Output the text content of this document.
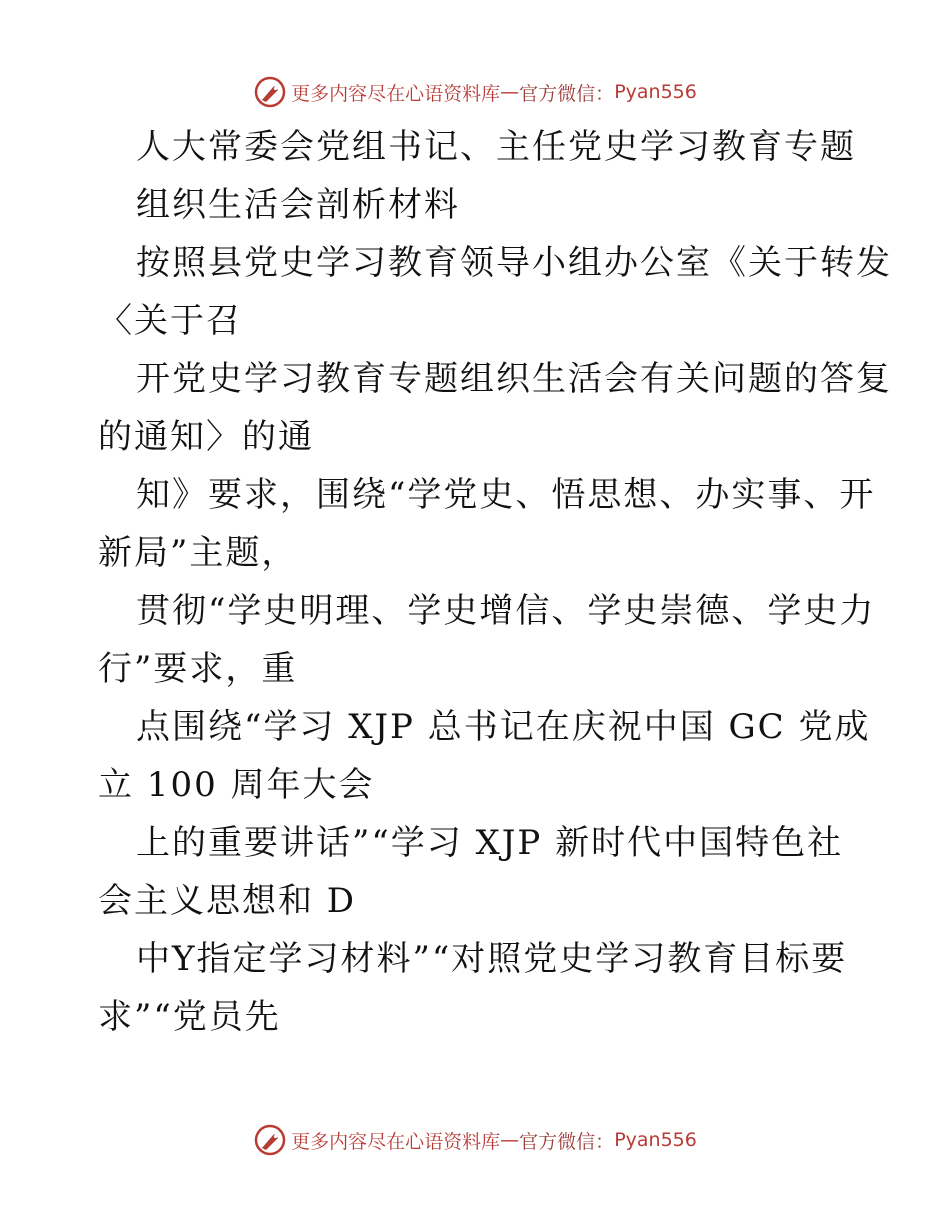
更多内容尽在心语资料库 — 官方微信： Pyan556
人大常委会党组书记、主任党史学习教育专题
组织生活会剖析材料
按照县党史学习教育领导小组办公室《关于转发
〈关于召
开党史学习教育专题组织生活会有关问题的答复
的通知〉的通
知》要求，围绕“学党史、悟思想、办实事、开
新局”主题，
贯彻“学史明理、学史增信、学史崇德、学史力
行”要求，重
点围绕“学习 XJP 总书记在庆祝中国 GC 党成
立 100 周年大会
上的重要讲话”“学习 XJP 新时代中国特色社
会主义思想和 D
中Y指定学习材料”“对照党史学习教育目标要
求”“党员先
更多内容尽在心语资料库 — 官方微信： Pyan556
